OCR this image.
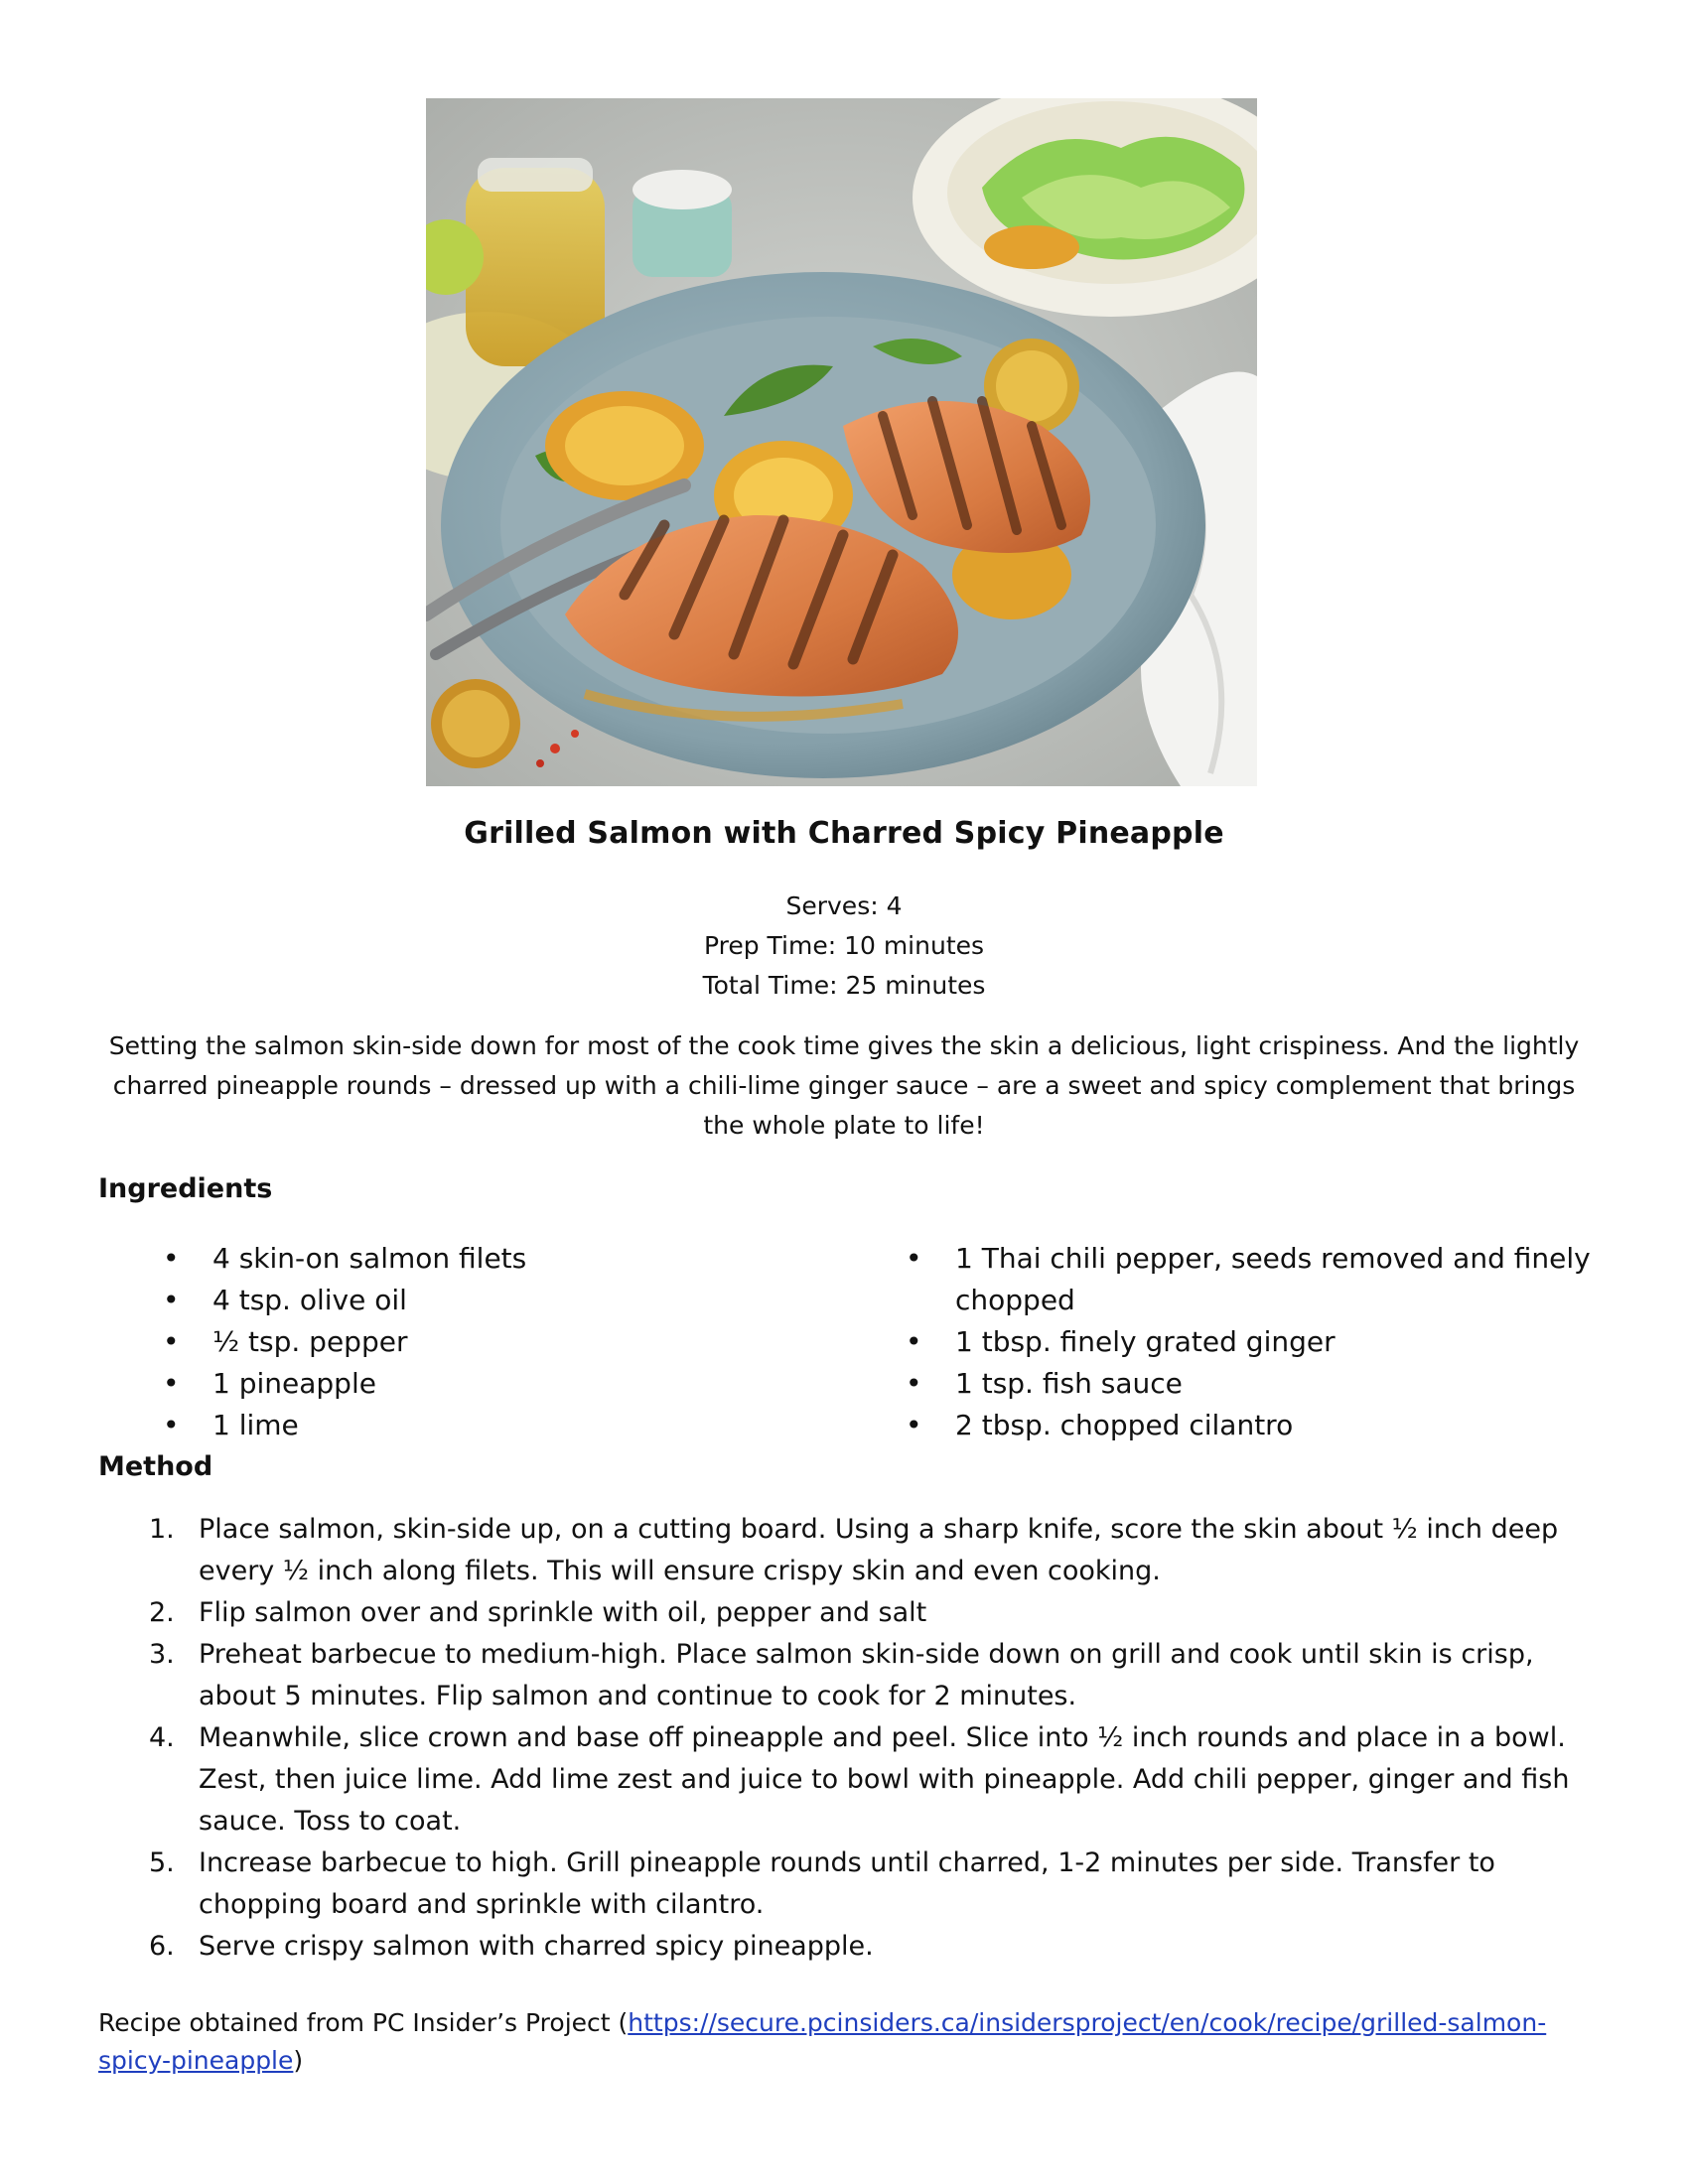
Grilled Salmon with Charred Spicy Pineapple
Serves: 4
Prep Time: 10 minutes
Total Time: 25 minutes
Setting the salmon skin-side down for most of the cook time gives the skin a delicious, light crispiness. And the lightly charred pineapple rounds – dressed up with a chili-lime ginger sauce – are a sweet and spicy complement that brings the whole plate to life!
Ingredients
• 4 skin-on salmon filets
• 4 tsp. olive oil
• ½ tsp. pepper
• 1 pineapple
• 1 lime
• 1 Thai chili pepper, seeds removed and finely chopped
• 1 tbsp. finely grated ginger
• 1 tsp. fish sauce
• 2 tbsp. chopped cilantro
Method
1. Place salmon, skin-side up, on a cutting board. Using a sharp knife, score the skin about ½ inch deep every ½ inch along filets. This will ensure crispy skin and even cooking.
2. Flip salmon over and sprinkle with oil, pepper and salt
3. Preheat barbecue to medium-high. Place salmon skin-side down on grill and cook until skin is crisp, about 5 minutes. Flip salmon and continue to cook for 2 minutes.
4. Meanwhile, slice crown and base off pineapple and peel. Slice into ½ inch rounds and place in a bowl. Zest, then juice lime. Add lime zest and juice to bowl with pineapple. Add chili pepper, ginger and fish sauce. Toss to coat.
5. Increase barbecue to high. Grill pineapple rounds until charred, 1-2 minutes per side. Transfer to chopping board and sprinkle with cilantro.
6. Serve crispy salmon with charred spicy pineapple.
Recipe obtained from PC Insider’s Project (https://secure.pcinsiders.ca/insidersproject/en/cook/recipe/grilled-salmon-spicy-pineapple)
